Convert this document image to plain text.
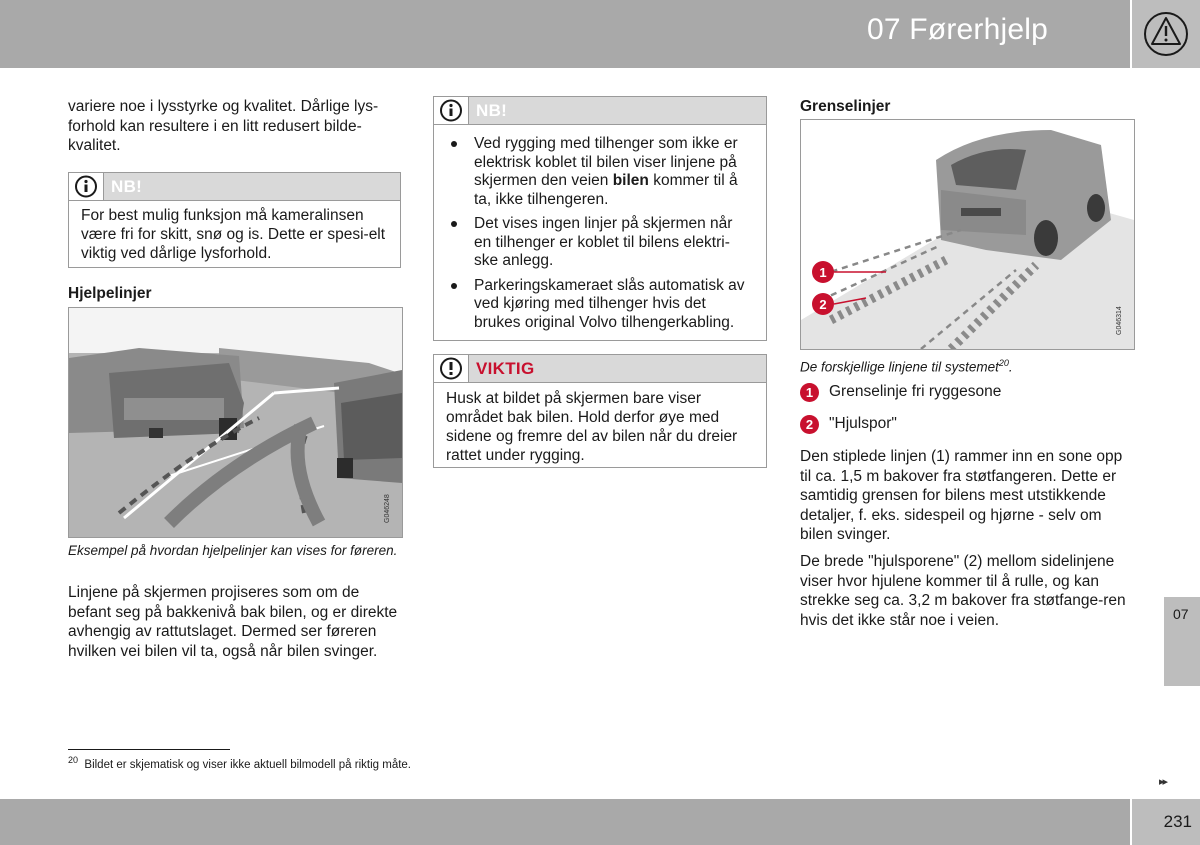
07 Førerhjelp

variere noe i lysstyrke og kvalitet. Dårlige lys-forhold kan resultere i en litt redusert bilde-kvalitet.

NB!
For best mulig funksjon må kameralinsen være fri for skitt, snø og is. Dette er spesi-elt viktig ved dårlige lysforhold.
Hjelpelinjer
G046248

Eksempel på hvordan hjelpelinjer kan vises for føreren.

Linjene på skjermen projiseres som om de befant seg på bakkenivå bak bilen, og er direkte avhengig av rattutslaget. Dermed ser føreren hvilken vei bilen vil ta, også når bilen svinger.

NB!
Ved rygging med tilhenger som ikke er elektrisk koblet til bilen viser linjene på skjermen den veien bilen kommer til å ta, ikke tilhengeren.
Det vises ingen linjer på skjermen når en tilhenger er koblet til bilens elektri-ske anlegg.
Parkeringskameraet slås automatisk av ved kjøring med tilhenger hvis det brukes original Volvo tilhengerkabling.
VIKTIG
Husk at bildet på skjermen bare viser området bak bilen. Hold derfor øye med sidene og fremre del av bilen når du dreier rattet under rygging.
Grenselinjer
1
2
G046314

De forskjellige linjene til systemet$^{20}$.

1	Grenselinje fri ryggesone
2	"Hjulspor"

Den stiplede linjen (1) rammer inn en sone opp til ca. 1,5 m bakover fra støtfangeren. Dette er samtidig grensen for bilens mest utstikkende detaljer, f. eks. sidespeil og hjørne - selv om bilen svinger.

De brede "hjulsporene" (2) mellom sidelinjene viser hvor hjulene kommer til å rulle, og kan strekke seg ca. 3,2 m bakover fra støtfange-ren hvis det ikke står noe i veien.

$^{20}$ Bildet er skjematisk og viser ikke aktuell bilmodell på riktig måte.
07
▸▸
231
